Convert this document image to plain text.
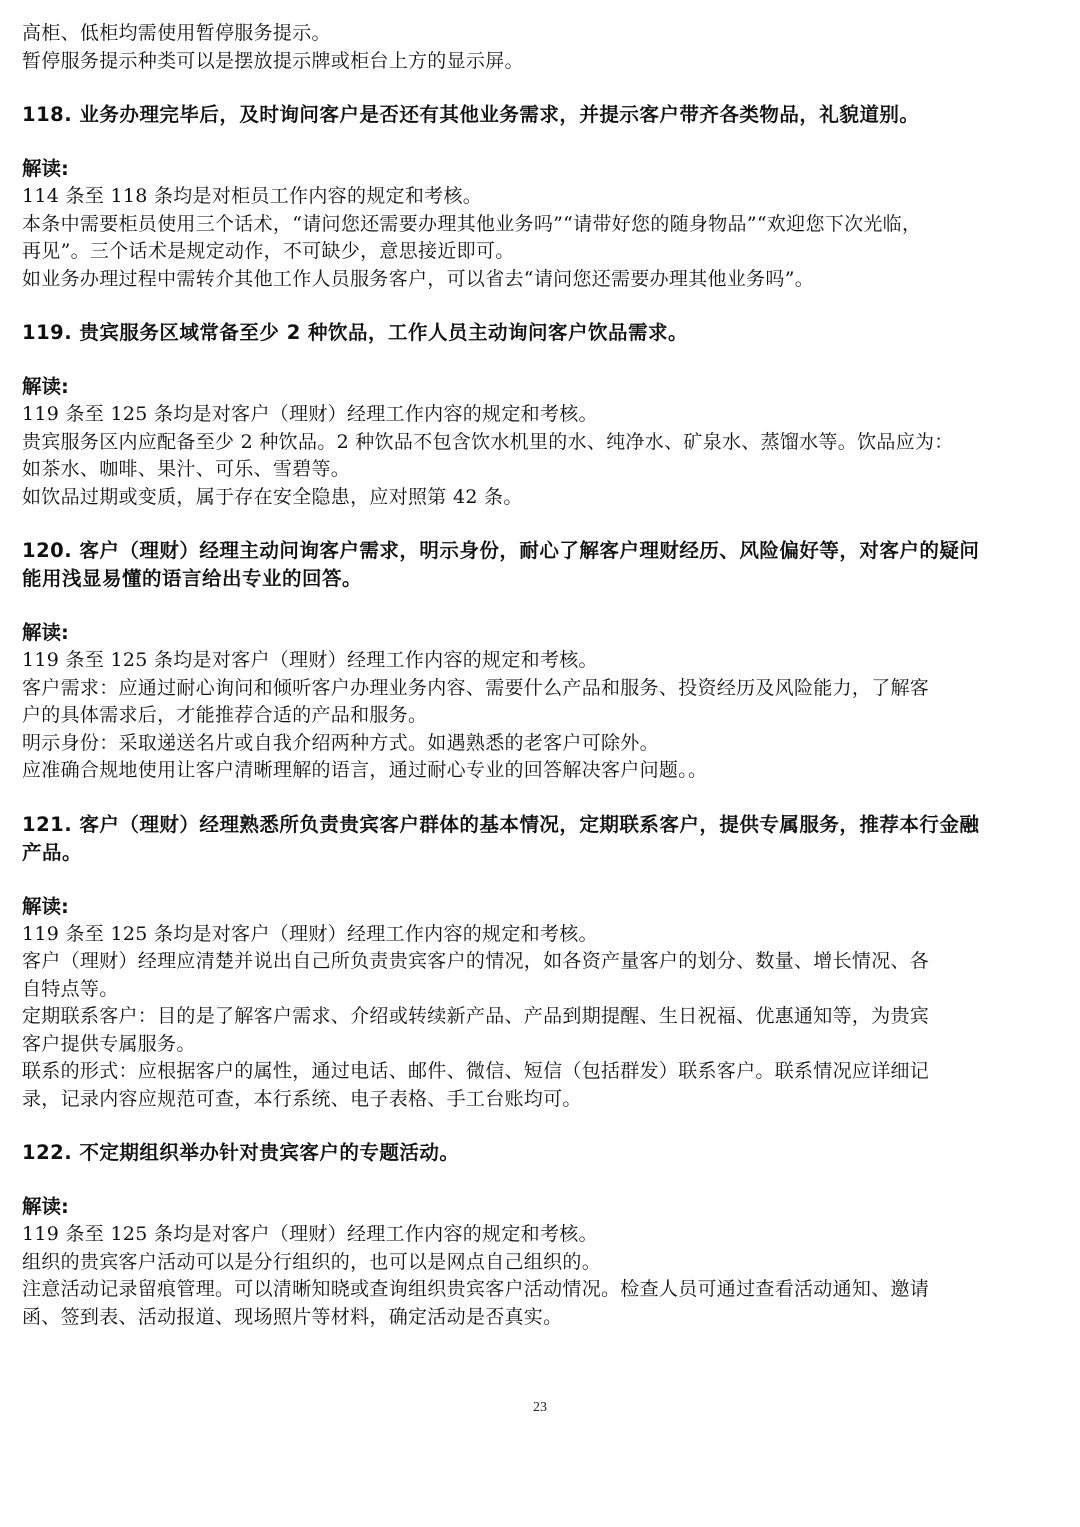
高柜、低柜均需使用暂停服务提示。
暂停服务提示种类可以是摆放提示牌或柜台上方的显示屏。
118. 业务办理完毕后，及时询问客户是否还有其他业务需求，并提示客户带齐各类物品，礼貌道别。
解读:
114 条至 118 条均是对柜员工作内容的规定和考核。
本条中需要柜员使用三个话术，“请问您还需要办理其他业务吗”“请带好您的随身物品”“欢迎您下次光临，
再见”。三个话术是规定动作，不可缺少，意思接近即可。
如业务办理过程中需转介其他工作人员服务客户，可以省去“请问您还需要办理其他业务吗”。
119. 贵宾服务区域常备至少 2 种饮品，工作人员主动询问客户饮品需求。
解读:
119 条至 125 条均是对客户（理财）经理工作内容的规定和考核。
贵宾服务区内应配备至少 2 种饮品。2 种饮品不包含饮水机里的水、纯净水、矿泉水、蒸馏水等。饮品应为：
如茶水、咖啡、果汁、可乐、雪碧等。
如饮品过期或变质，属于存在安全隐患，应对照第 42 条。
120. 客户（理财）经理主动问询客户需求，明示身份，耐心了解客户理财经历、风险偏好等，对客户的疑问
能用浅显易懂的语言给出专业的回答。
解读:
119 条至 125 条均是对客户（理财）经理工作内容的规定和考核。
客户需求：应通过耐心询问和倾听客户办理业务内容、需要什么产品和服务、投资经历及风险能力，了解客
户的具体需求后，才能推荐合适的产品和服务。
明示身份：采取递送名片或自我介绍两种方式。如遇熟悉的老客户可除外。
应准确合规地使用让客户清晰理解的语言，通过耐心专业的回答解决客户问题。。
121. 客户（理财）经理熟悉所负责贵宾客户群体的基本情况，定期联系客户，提供专属服务，推荐本行金融
产品。
解读:
119 条至 125 条均是对客户（理财）经理工作内容的规定和考核。
客户（理财）经理应清楚并说出自己所负责贵宾客户的情况，如各资产量客户的划分、数量、增长情况、各
自特点等。
定期联系客户：目的是了解客户需求、介绍或转续新产品、产品到期提醒、生日祝福、优惠通知等，为贵宾
客户提供专属服务。
联系的形式：应根据客户的属性，通过电话、邮件、微信、短信（包括群发）联系客户。联系情况应详细记
录，记录内容应规范可查，本行系统、电子表格、手工台账均可。
122. 不定期组织举办针对贵宾客户的专题活动。
解读:
119 条至 125 条均是对客户（理财）经理工作内容的规定和考核。
组织的贵宾客户活动可以是分行组织的，也可以是网点自己组织的。
注意活动记录留痕管理。可以清晰知晓或查询组织贵宾客户活动情况。检查人员可通过查看活动通知、邀请
函、签到表、活动报道、现场照片等材料，确定活动是否真实。
23
